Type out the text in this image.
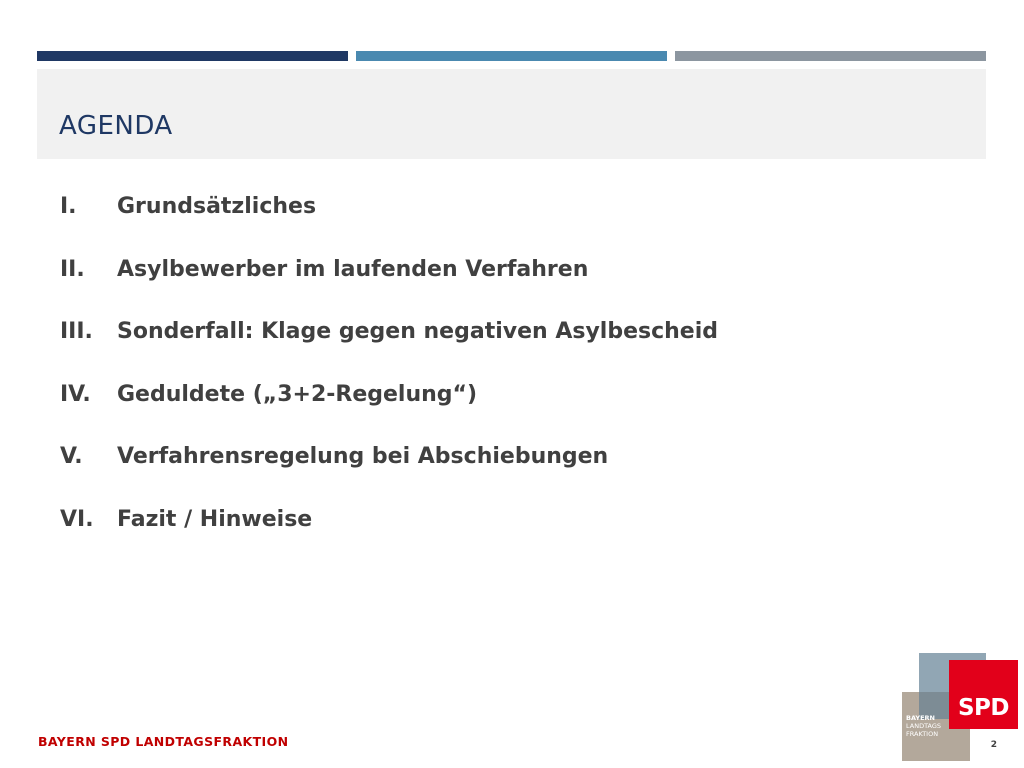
AGENDA
I.	Grundsätzliches
II.	Asylbewerber im laufenden Verfahren
III.	Sonderfall: Klage gegen negativen Asylbescheid
IV.	Geduldete („3+2-Regelung“)
V.	Verfahrensregelung bei Abschiebungen
VI.	Fazit / Hinweise
BAYERN SPD LANDTAGSFRAKTION	2
SPD
BAYERN
LANDTAGS
FRAKTION
